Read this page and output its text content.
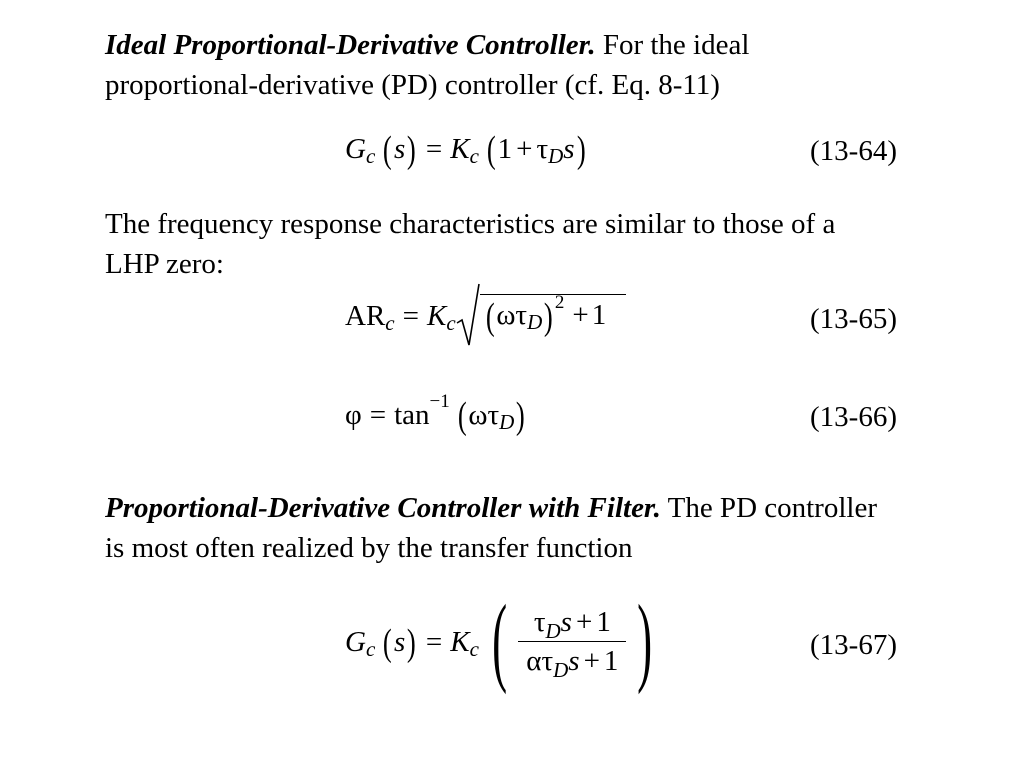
Ideal Proportional-Derivative Controller. For the ideal
proportional-derivative (PD) controller (cf. Eq. 8-11)
G c ( s ) = K c ( 1 + τ D s )	(13-64)
The frequency response characteristics are similar to those of a
LHP zero:
AR c = K c ( ω τ D ) 2 + 1	(13-65)
φ = tan −1 ( ω τ D )	(13-66)
Proportional-Derivative Controller with Filter. The PD controller
is most often realized by the transfer function
G c ( s ) = K c ( $\frac{\tau_Ds + 1}{\alpha\tau_Ds + 1}$ )	(13-67)
